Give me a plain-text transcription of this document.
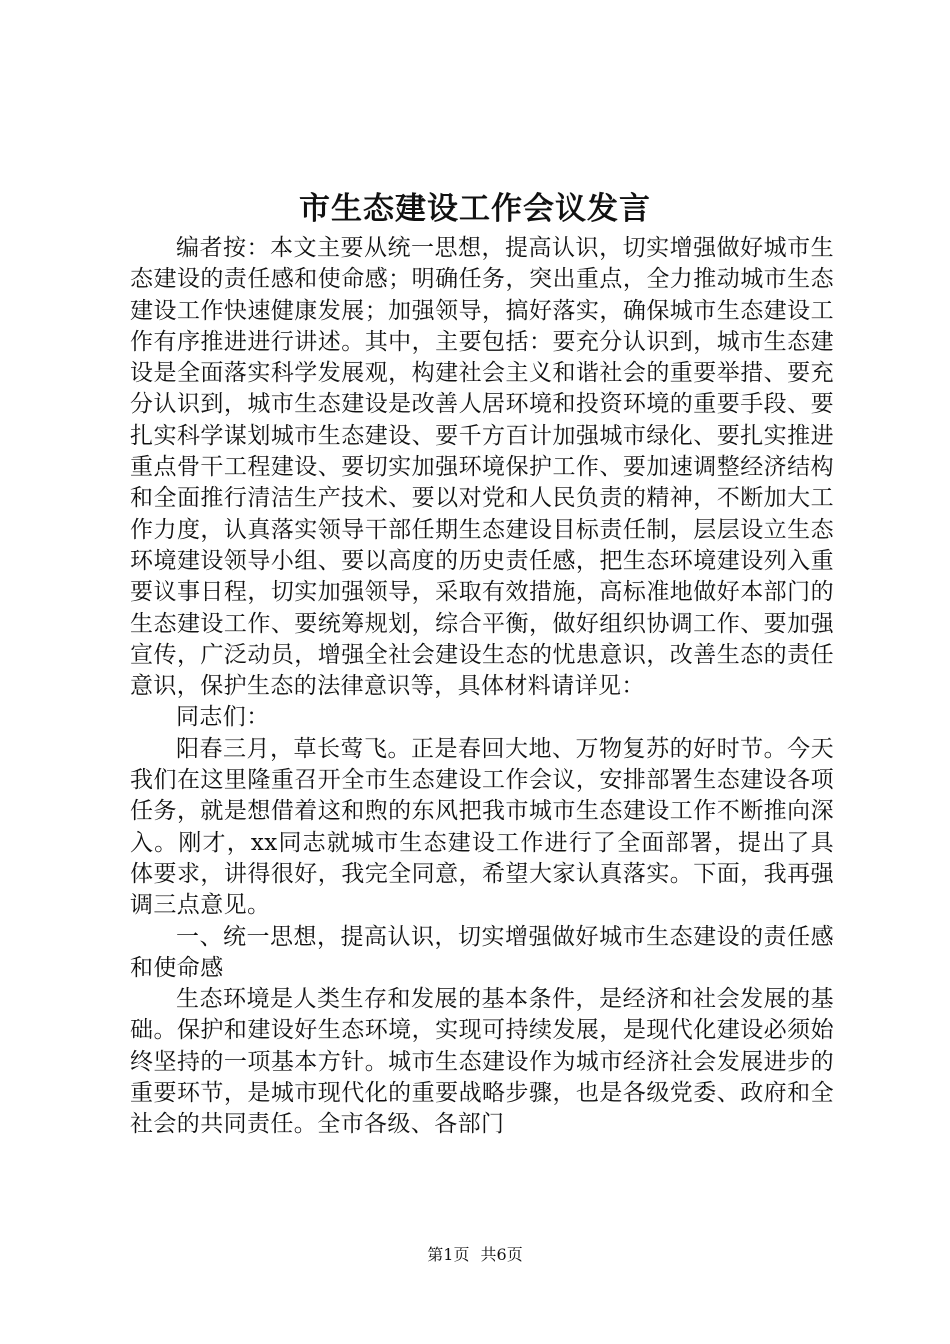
市生态建设工作会议发言

编者按：本文主要从统一思想，提高认识，切实增强做好城市生态建设的责任感和使命感；明确任务，突出重点，全力推动城市生态建设工作快速健康发展；加强领导，搞好落实，确保城市生态建设工作有序推进进行讲述。其中，主要包括：要充分认识到，城市生态建设是全面落实科学发展观，构建社会主义和谐社会的重要举措、要充分认识到，城市生态建设是改善人居环境和投资环境的重要手段、要扎实科学谋划城市生态建设、要千方百计加强城市绿化、要扎实推进重点骨干工程建设、要切实加强环境保护工作、要加速调整经济结构和全面推行清洁生产技术、要以对党和人民负责的精神，不断加大工作力度，认真落实领导干部任期生态建设目标责任制，层层设立生态环境建设领导小组、要以高度的历史责任感，把生态环境建设列入重要议事日程，切实加强领导，采取有效措施，高标准地做好本部门的生态建设工作、要统筹规划，综合平衡，做好组织协调工作、要加强宣传，广泛动员，增强全社会建设生态的忧患意识，改善生态的责任意识，保护生态的法律意识等，具体材料请详见：

同志们：

阳春三月，草长莺飞。正是春回大地、万物复苏的好时节。今天我们在这里隆重召开全市生态建设工作会议，安排部署生态建设各项任务，就是想借着这和煦的东风把我市城市生态建设工作不断推向深入。刚才，xx同志就城市生态建设工作进行了全面部署，提出了具体要求，讲得很好，我完全同意，希望大家认真落实。下面，我再强调三点意见。

一、统一思想，提高认识，切实增强做好城市生态建设的责任感和使命感

生态环境是人类生存和发展的基本条件，是经济和社会发展的基础。保护和建设好生态环境，实现可持续发展，是现代化建设必须始终坚持的一项基本方针。城市生态建设作为城市经济社会发展进步的重要环节，是城市现代化的重要战略步骤，也是各级党委、政府和全社会的共同责任。全市各级、各部门

第1页 共6页
